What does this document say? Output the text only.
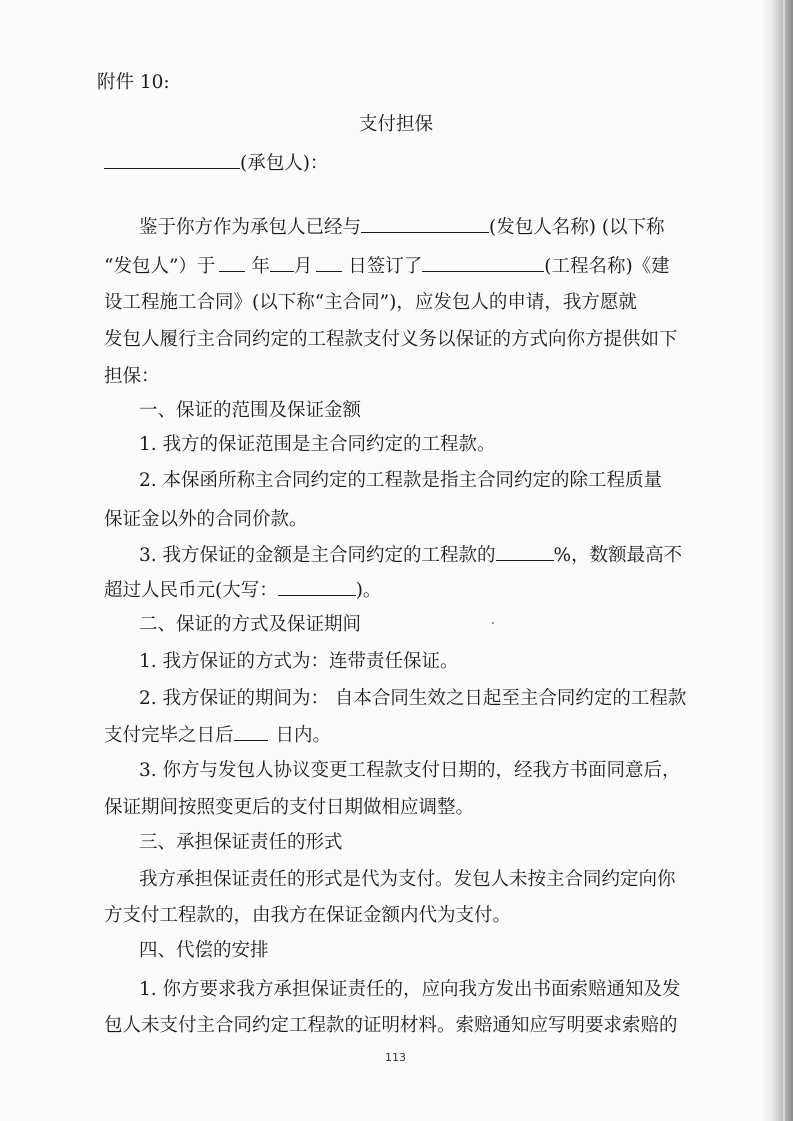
附件 10:
支付担保
(承包人)：
鉴于你方作为承包人已经与	(发包人名称) (以下称
“发包人”）于 年 月 日签订了	(工程名称)《建
设工程施工合同》(以下称“主合同”)，应发包人的申请，我方愿就
发包人履行主合同约定的工程款支付义务以保证的方式向你方提供如下
担保：
一、保证的范围及保证金额
1. 我方的保证范围是主合同约定的工程款。
2. 本保函所称主合同约定的工程款是指主合同约定的除工程质量
保证金以外的合同价款。
3. 我方保证的金额是主合同约定的工程款的	%，数额最高不
超过人民币元(大写：	)。
二、保证的方式及保证期间
1. 我方保证的方式为：连带责任保证。
2. 我方保证的期间为： 自本合同生效之日起至主合同约定的工程款
支付完毕之日后 日内。
3. 你方与发包人协议变更工程款支付日期的，经我方书面同意后，
保证期间按照变更后的支付日期做相应调整。
三、承担保证责任的形式
我方承担保证责任的形式是代为支付。发包人未按主合同约定向你
方支付工程款的，由我方在保证金额内代为支付。
四、代偿的安排
1. 你方要求我方承担保证责任的，应向我方发出书面索赔通知及发
包人未支付主合同约定工程款的证明材料。索赔通知应写明要求索赔的
113
